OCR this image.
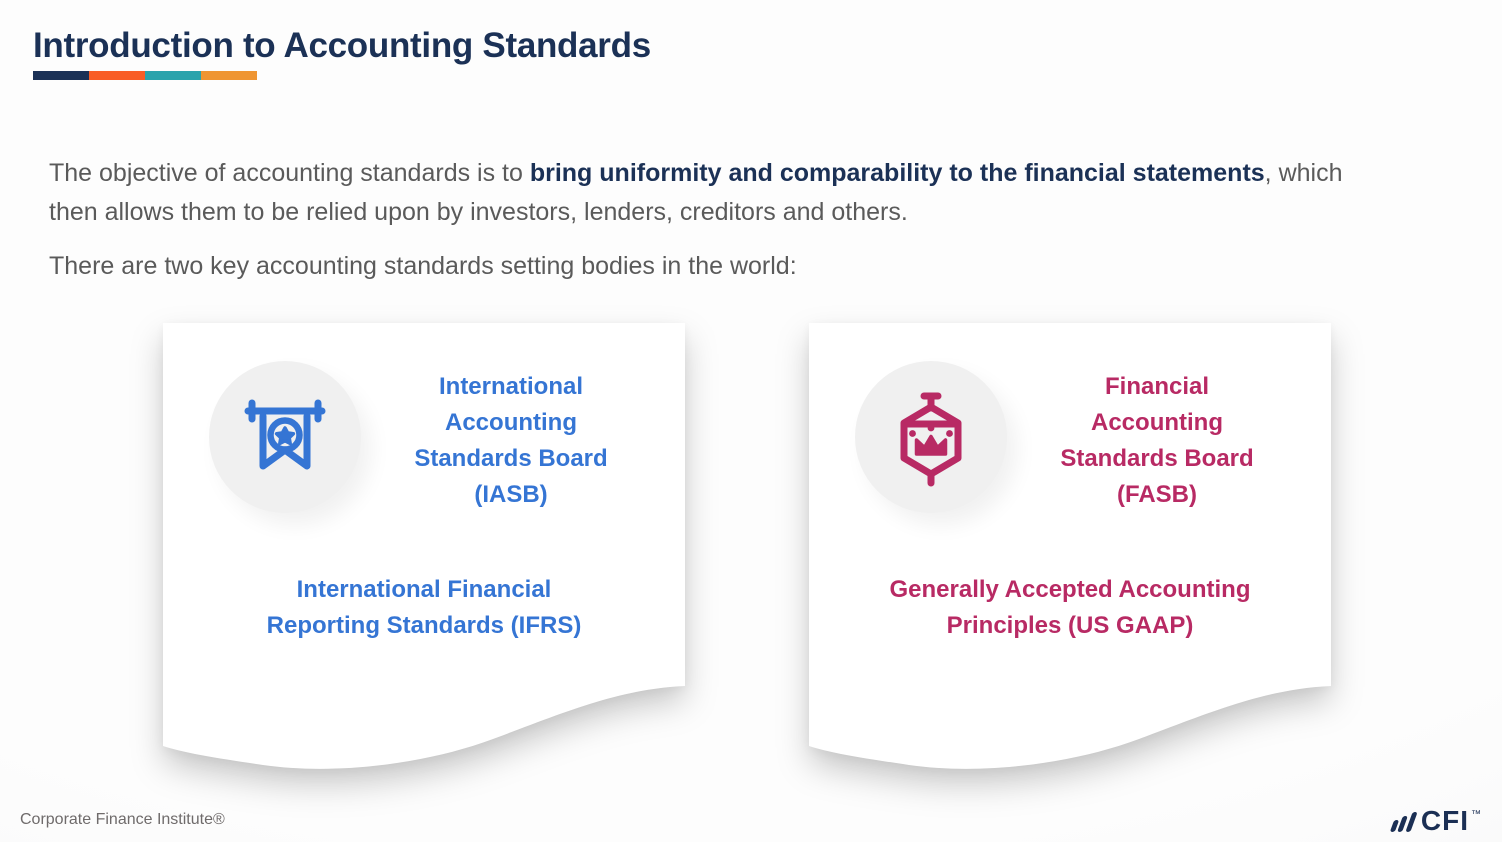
Introduction to Accounting Standards

The objective of accounting standards is to bring uniformity and comparability to the financial statements, which then allows them to be relied upon by investors, lenders, creditors and others.

There are two key accounting standards setting bodies in the world:

International
Accounting
Standards Board
(IASB)
International Financial
Reporting Standards (IFRS)
Financial
Accounting
Standards Board
(FASB)
Generally Accepted Accounting
Principles (US GAAP)
Corporate Finance Institute®	CFI ™
